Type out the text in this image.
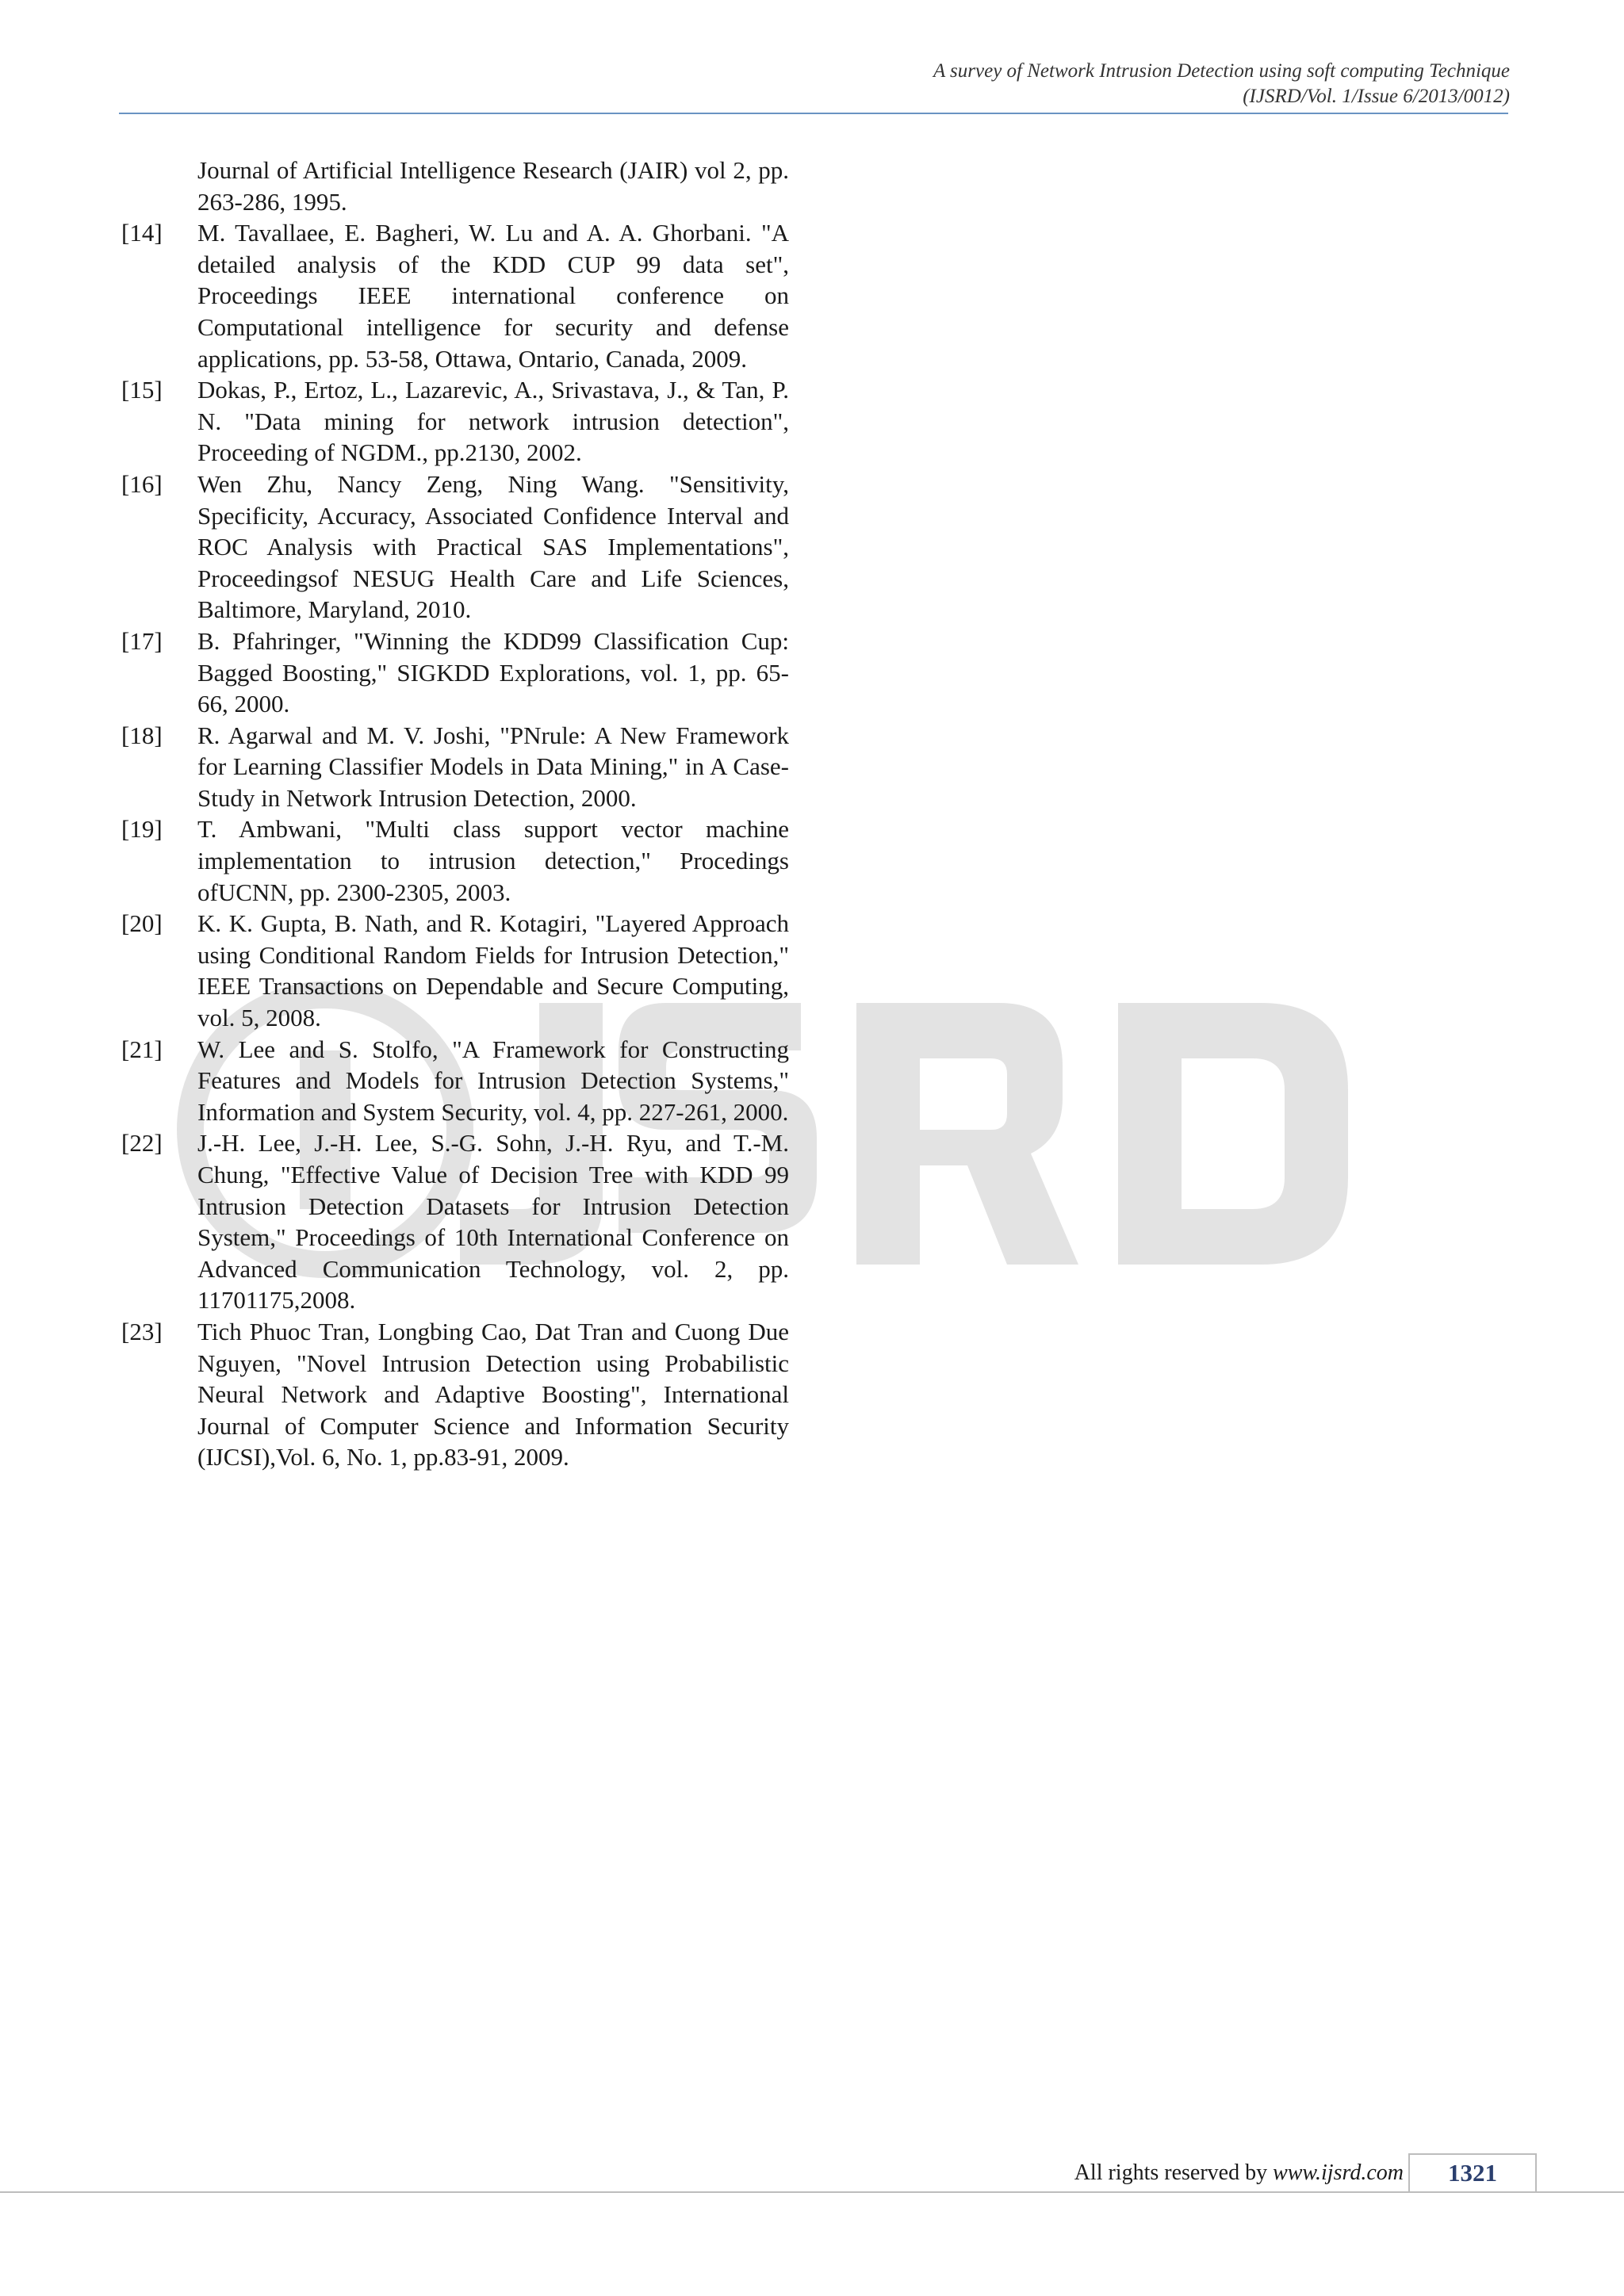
A survey of Network Intrusion Detection using soft computing Technique
(IJSRD/Vol. 1/Issue 6/2013/0012)
Journal of Artificial Intelligence Research (JAIR) vol 2, pp. 263-286, 1995.
[14]	M. Tavallaee, E. Bagheri, W. Lu and A. A. Ghorbani. "A detailed analysis of the KDD CUP 99 data set", Proceedings IEEE international conference on Computational intelligence for security and defense applications, pp. 53-58, Ottawa, Ontario, Canada, 2009.
[15]	Dokas, P., Ertoz, L., Lazarevic, A., Srivastava, J., & Tan, P. N. "Data mining for network intrusion detection", Proceeding of NGDM., pp.2130, 2002.
[16]	Wen Zhu, Nancy Zeng, Ning Wang. "Sensitivity, Specificity, Accuracy, Associated Confidence Interval and ROC Analysis with Practical SAS Implementations", Proceedingsof NESUG Health Care and Life Sciences, Baltimore, Maryland, 2010.
[17]	B. Pfahringer, "Winning the KDD99 Classification Cup: Bagged Boosting," SIGKDD Explorations, vol. 1, pp. 65-66, 2000.
[18]	R. Agarwal and M. V. Joshi, "PNrule: A New Framework for Learning Classifier Models in Data Mining," in A Case-Study in Network Intrusion Detection, 2000.
[19]	T. Ambwani, "Multi class support vector machine implementation to intrusion detection," Procedings ofUCNN, pp. 2300-2305, 2003.
[20]	K. K. Gupta, B. Nath, and R. Kotagiri, "Layered Approach using Conditional Random Fields for Intrusion Detection," IEEE Transactions on Dependable and Secure Computing, vol. 5, 2008.
[21]	W. Lee and S. Stolfo, "A Framework for Constructing Features and Models for Intrusion Detection Systems," Information and System Security, vol. 4, pp. 227-261, 2000.
[22]	J.-H. Lee, J.-H. Lee, S.-G. Sohn, J.-H. Ryu, and T.-M. Chung, "Effective Value of Decision Tree with KDD 99 Intrusion Detection Datasets for Intrusion Detection System," Proceedings of 10th International Conference on Advanced Communication Technology, vol. 2, pp. 11701175,2008.
[23]	Tich Phuoc Tran, Longbing Cao, Dat Tran and Cuong Due Nguyen, "Novel Intrusion Detection using Probabilistic Neural Network and Adaptive Boosting", International Journal of Computer Science and Information Security (IJCSI),Vol. 6, No. 1, pp.83-91, 2009.
All rights reserved by www.ijsrd.com	1321
